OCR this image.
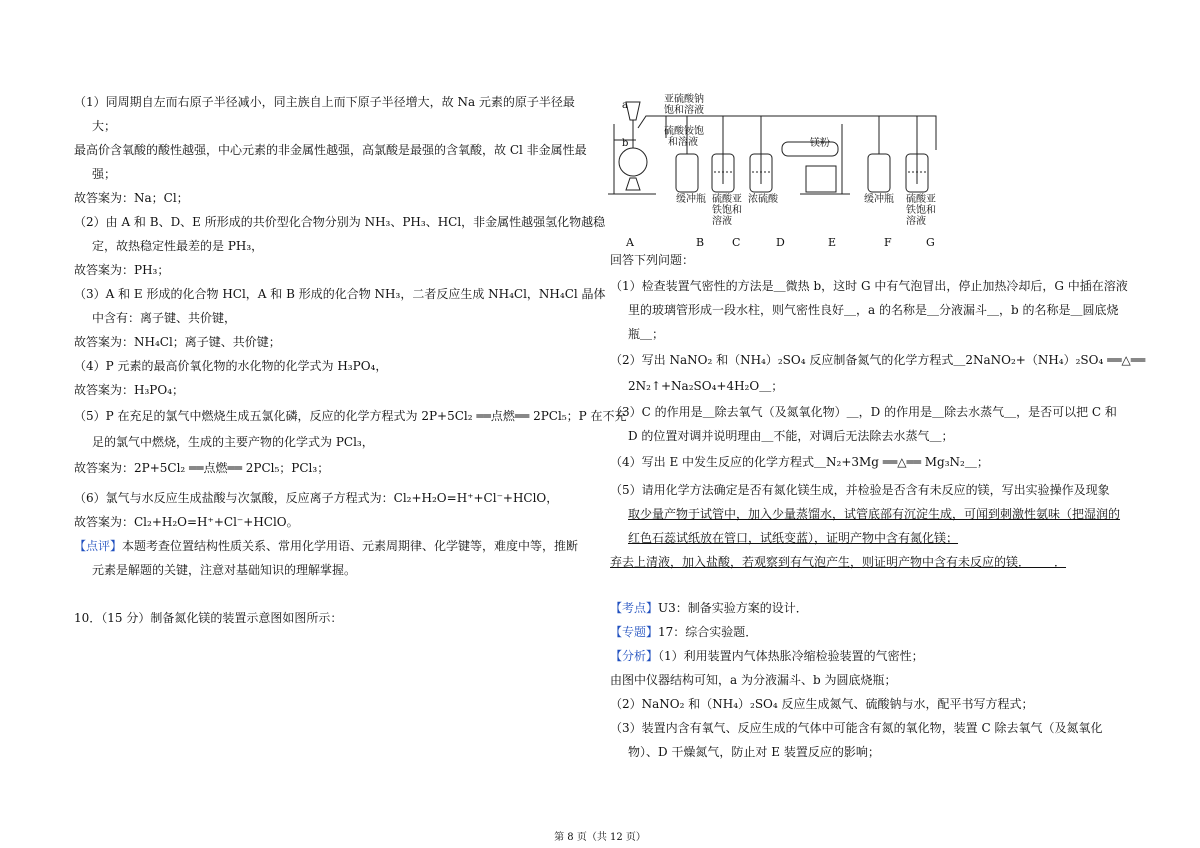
（1）同周期自左而右原子半径减小，同主族自上而下原子半径增大，故 Na 元素的原子半径最
大；
最高价含氧酸的酸性越强，中心元素的非金属性越强，高氯酸是最强的含氧酸，故 Cl 非金属性最
强；
故答案为：Na；Cl；
（2）由 A 和 B、D、E 所形成的共价型化合物分别为 NH₃、PH₃、HCl，非金属性越强氢化物越稳
定，故热稳定性最差的是 PH₃，
故答案为：PH₃；
（3）A 和 E 形成的化合物 HCl，A 和 B 形成的化合物 NH₃，二者反应生成 NH₄Cl，NH₄Cl 晶体
中含有：离子键、共价键，
故答案为：NH₄Cl；离子键、共价键；
（4）P 元素的最高价氧化物的水化物的化学式为 H₃PO₄，
故答案为：H₃PO₄；
（5）P 在充足的氯气中燃烧生成五氯化磷，反应的化学方程式为 2P+5Cl₂ ══点燃══ 2PCl₅；P 在不充
足的氯气中燃烧，生成的主要产物的化学式为 PCl₃，
故答案为：2P+5Cl₂ ══点燃══ 2PCl₅；PCl₃；
（6）氯气与水反应生成盐酸与次氯酸，反应离子方程式为：Cl₂+H₂O=H⁺+Cl⁻+HClO，
故答案为：Cl₂+H₂O=H⁺+Cl⁻+HClO。
【点评】本题考查位置结构性质关系、常用化学用语、元素周期律、化学键等，难度中等，推断
元素是解题的关键，注意对基础知识的理解掌握。
10．（15 分）制备氮化镁的装置示意图如图所示：
亚硫酸钠
饱和溶液
硫酸铵饱
和溶液	镁粉
缓冲瓶 硫酸亚
铁饱和
溶液
浓硫酸	缓冲瓶 硫酸亚
铁饱和
溶液
a
b
A	B	C	D	E	F	G
回答下列问题：
（1）检查装置气密性的方法是＿微热 b，这时 G 中有气泡冒出，停止加热冷却后，G 中插在溶液
里的玻璃管形成一段水柱，则气密性良好＿，a 的名称是＿分液漏斗＿，b 的名称是＿圆底烧
瓶＿；
（2）写出 NaNO₂ 和（NH₄）₂SO₄ 反应制备氮气的化学方程式＿2NaNO₂+（NH₄）₂SO₄ ══△══
2N₂↑+Na₂SO₄+4H₂O＿；
（3）C 的作用是＿除去氧气（及氮氧化物）＿，D 的作用是＿除去水蒸气＿，是否可以把 C 和
D 的位置对调并说明理由＿不能，对调后无法除去水蒸气＿；
（4）写出 E 中发生反应的化学方程式＿N₂+3Mg ══△══ Mg₃N₂＿；
（5）请用化学方法确定是否有氮化镁生成，并检验是否含有未反应的镁，写出实验操作及现象
取少量产物于试管中，加入少量蒸馏水，试管底部有沉淀生成，可闻到刺激性氨味（把湿润的
红色石蕊试纸放在管口，试纸变蓝），证明产物中含有氮化镁；
弃去上清液，加入盐酸，若观察到有气泡产生，则证明产物中含有未反应的镁．＿＿．
【考点】U3：制备实验方案的设计．
【专题】17：综合实验题．
【分析】（1）利用装置内气体热胀冷缩检验装置的气密性；
由图中仪器结构可知，a 为分液漏斗、b 为圆底烧瓶；
（2）NaNO₂ 和（NH₄）₂SO₄ 反应生成氮气、硫酸钠与水，配平书写方程式；
（3）装置内含有氧气、反应生成的气体中可能含有氮的氧化物，装置 C 除去氧气（及氮氧化
物）、D 干燥氮气，防止对 E 装置反应的影响；
第 8 页（共 12 页）
